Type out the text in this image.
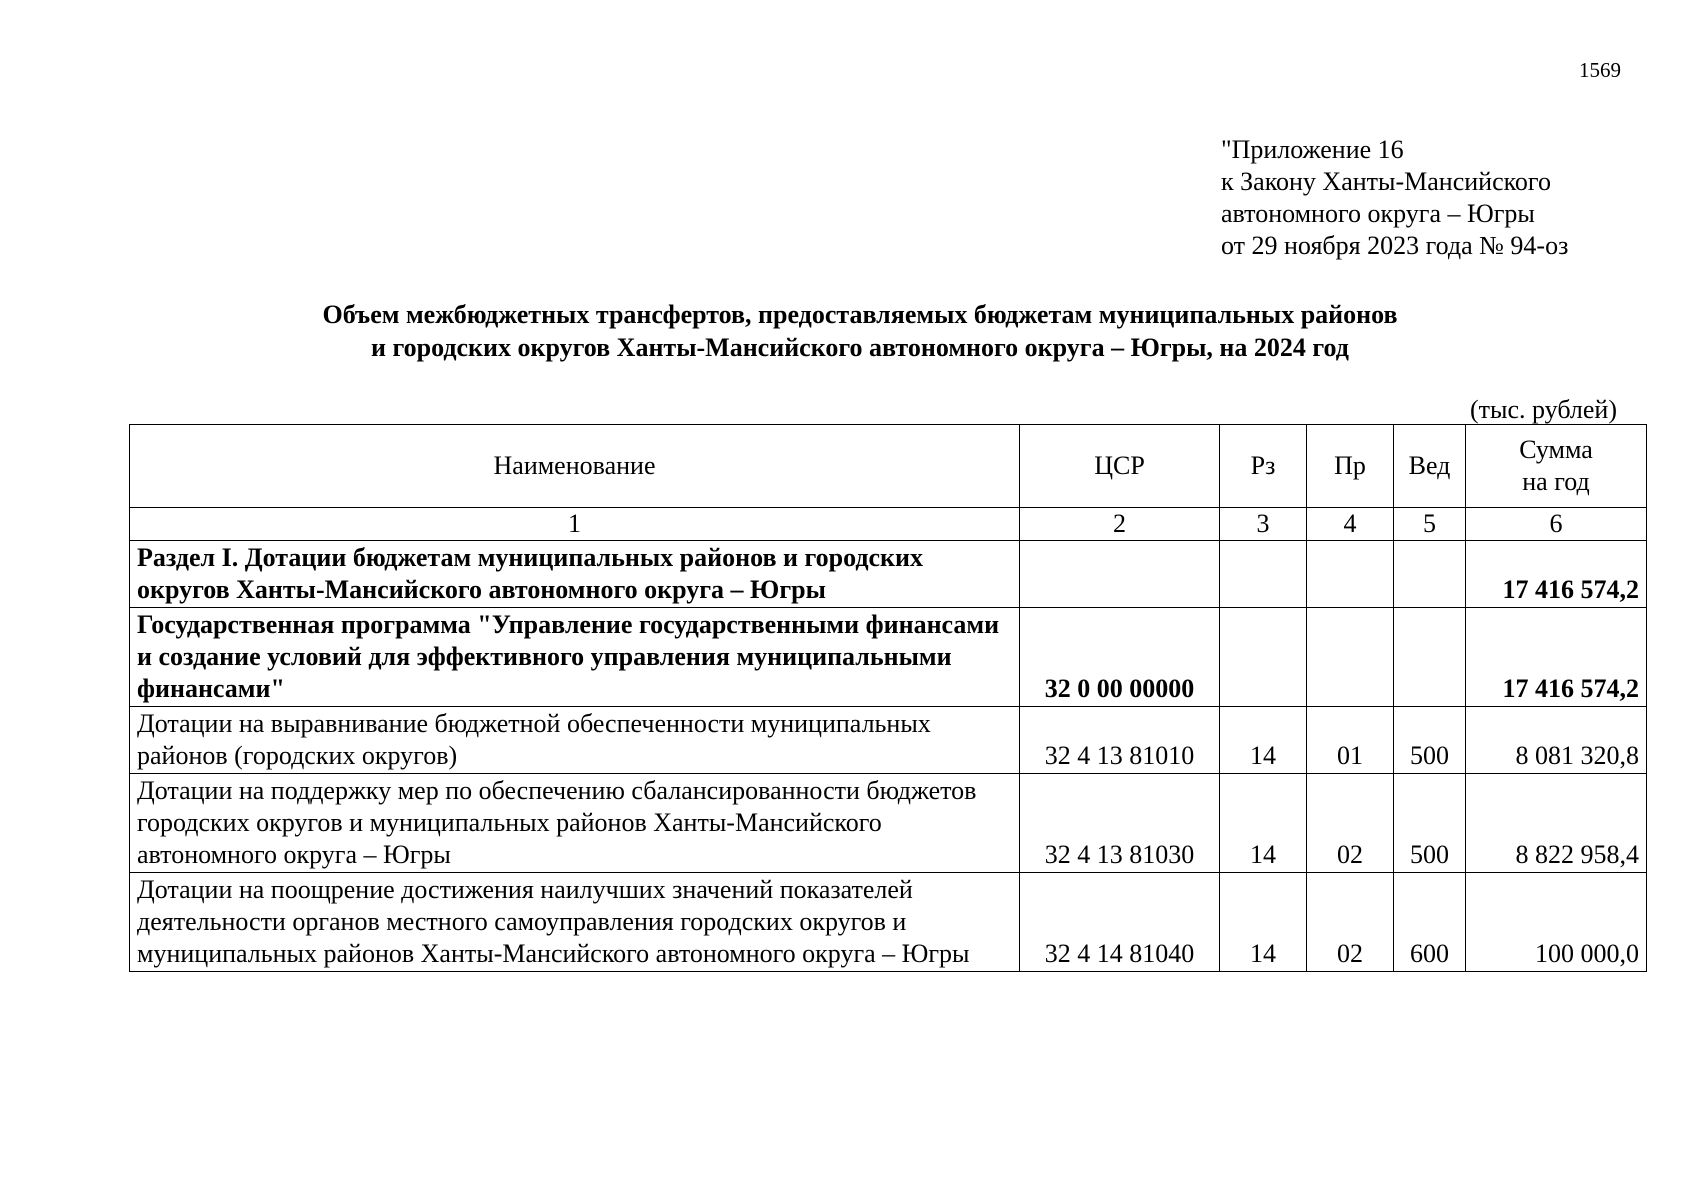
1569
"Приложение 16
к Закону Ханты-Мансийского
автономного округа – Югры
от 29 ноября 2023 года № 94-оз
Объем межбюджетных трансфертов, предоставляемых бюджетам муниципальных районов
и городских округов Ханты-Мансийского автономного округа – Югры, на 2024 год
(тыс. рублей)
Наименование	ЦСР	Рз	Пр	Вед	Сумма
на год

1	2	3	4	5	6
Раздел I. Дотации бюджетам муниципальных районов и городских округов Ханты-Мансийского автономного округа – Югры					17 416 574,2
Государственная программа "Управление государственными финансами и создание условий для эффективного управления муниципальными финансами"	32 0 00 00000				17 416 574,2
Дотации на выравнивание бюджетной обеспеченности муниципальных районов (городских округов)	32 4 13 81010	14	01	500	8 081 320,8
Дотации на поддержку мер по обеспечению сбалансированности бюджетов городских округов и муниципальных районов Ханты-Мансийского автономного округа – Югры	32 4 13 81030	14	02	500	8 822 958,4
Дотации на поощрение достижения наилучших значений показателей деятельности органов местного самоуправления городских округов и муниципальных районов Ханты-Мансийского автономного округа – Югры	32 4 14 81040	14	02	600	100 000,0
